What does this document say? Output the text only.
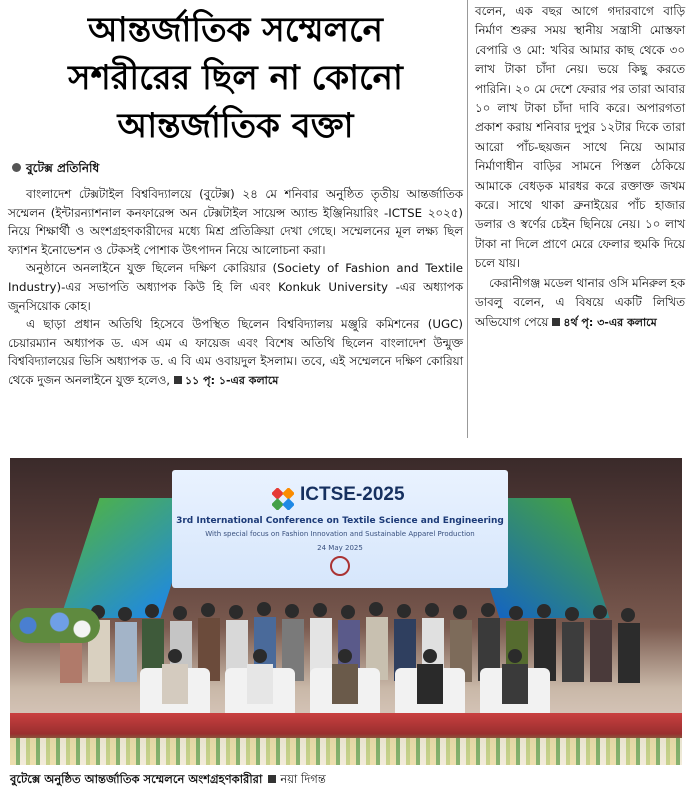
আন্তর্জাতিক সম্মেলনে
সশরীরের ছিল না কোনো
আন্তর্জাতিক বক্তা
বুটেক্স প্রতিনিধি

বাংলাদেশ টেক্সটাইল বিশ্ববিদ্যালয়ে (বুটেক্স) ২৪ মে শনিবার অনুষ্ঠিত তৃতীয় আন্তর্জাতিক সম্মেলন (ইন্টারন্যাশনাল কনফারেন্স অন টেক্সটাইল সায়েন্স অ্যান্ড ইঞ্জিনিয়ারিং -ICTSE ২০২৫) নিয়ে শিক্ষার্থী ও অংশগ্রহণকারীদের মধ্যে মিশ্র প্রতিক্রিয়া দেখা গেছে। সম্মেলনের মূল লক্ষ্য ছিল ফ্যাশন ইনোভেশন ও টেকসই পোশাক উৎপাদন নিয়ে আলোচনা করা।

অনুষ্ঠানে অনলাইনে যুক্ত ছিলেন দক্ষিণ কোরিয়ার (Society of Fashion and Textile Industry)-এর সভাপতি অধ্যাপক কিউ হি লি এবং Konkuk University -এর অধ্যাপক জুনসিয়োক কোহ।

এ ছাড়া প্রধান অতিথি হিসেবে উপস্থিত ছিলেন বিশ্ববিদ্যালয় মঞ্জুরি কমিশনের (UGC) চেয়ারম্যান অধ্যাপক ড. এস এম এ ফায়েজ এবং বিশেষ অতিথি ছিলেন বাংলাদেশ উন্মুক্ত বিশ্ববিদ্যালয়ের ভিসি অধ্যাপক ড. এ বি এম ওবায়দুল ইসলাম। তবে, এই সম্মেলনে দক্ষিণ কোরিয়া থেকে দুজন অনলাইনে যুক্ত হলেও, ১১ পৃ: ১-এর কলামে

বলেন, এক বছর আগে গদারবাগে বাড়ি নির্মাণ শুরুর সময় স্থানীয় সন্ত্রাসী মোস্তফা বেপারি ও মো: খবির আমার কাছ থেকে ৩০ লাখ টাকা চাঁদা নেয়। ভয়ে কিছু করতে পারিনি। ২০ মে দেশে ফেরার পর তারা আবার ১০ লাখ টাকা চাঁদা দাবি করে। অপারগতা প্রকাশ করায় শনিবার দুপুর ১২টার দিকে তারা আরো পাঁচ-ছয়জন সাথে নিয়ে আমার নির্মাণাধীন বাড়ির সামনে পিস্তল ঠেকিয়ে আমাকে বেধড়ক মারধর করে রক্তাক্ত জখম করে। সাথে থাকা ব্রুনাইয়ের পাঁচ হাজার ডলার ও স্বর্ণের চেইন ছিনিয়ে নেয়। ১০ লাখ টাকা না দিলে প্রাণে মেরে ফেলার হুমকি দিয়ে চলে যায়।

কেরানীগঞ্জ মডেল থানার ওসি মনিরুল হক ডাবলু বলেন, এ বিষয়ে একটি লিখিত অভিযোগ পেয়ে ৪র্থ পৃ: ৩-এর কলামে

ICTSE-2025
3rd International Conference on Textile Science and Engineering
With special focus on Fashion Innovation and Sustainable Apparel Production
24 May 2025
বুটেক্সে অনুষ্ঠিত আন্তর্জাতিক সম্মেলনে অংশগ্রহণকারীরা নয়া দিগন্ত
